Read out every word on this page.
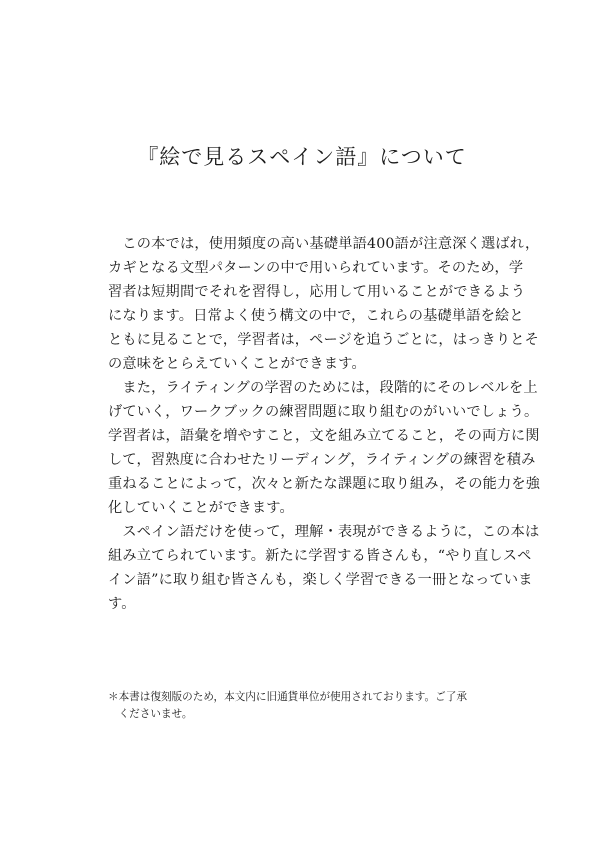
『絵で見るスペイン語』について
　この本では，使用頻度の高い基礎単語400語が注意深く選ばれ，
カギとなる文型パターンの中で用いられています。そのため，学
習者は短期間でそれを習得し，応用して用いることができるよう
になります。日常よく使う構文の中で，これらの基礎単語を絵と
ともに見ることで，学習者は，ページを追うごとに，はっきりとそ
の意味をとらえていくことができます。
　また，ライティングの学習のためには，段階的にそのレベルを上
げていく，ワークブックの練習問題に取り組むのがいいでしょう。
学習者は，語彙を増やすこと，文を組み立てること，その両方に関
して，習熟度に合わせたリーディング，ライティングの練習を積み
重ねることによって，次々と新たな課題に取り組み，その能力を強
化していくことができます。
　スペイン語だけを使って，理解・表現ができるように，この本は
組み立てられています。新たに学習する皆さんも，“やり直しスペ
イン語”に取り組む皆さんも，楽しく学習できる一冊となっていま
す。
＊本書は復刻版のため，本文内に旧通貨単位が使用されております。ご了承
　くださいませ。
